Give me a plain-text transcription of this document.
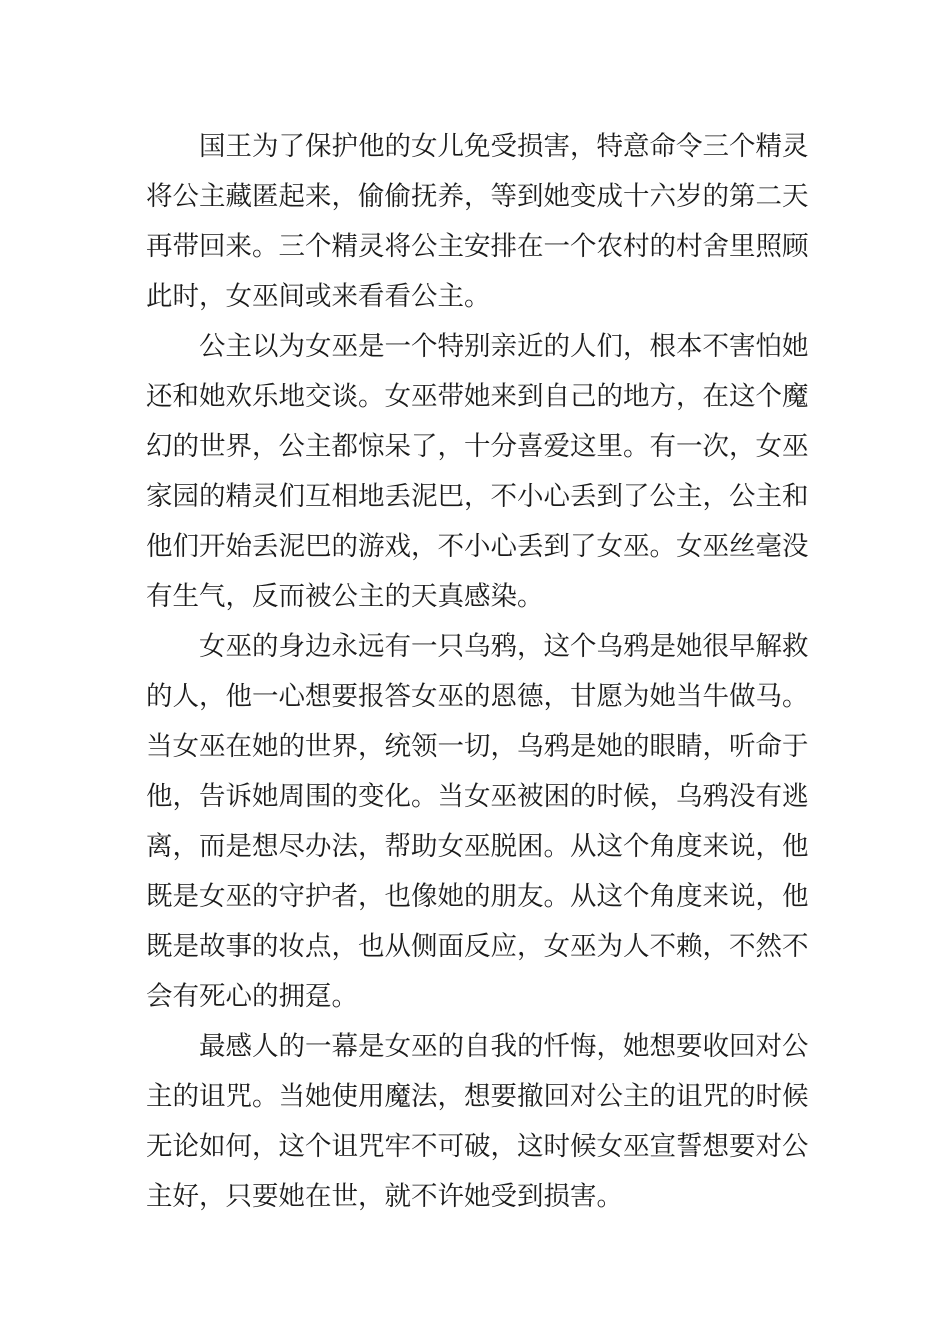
国王为了保护他的女儿免受损害，特意命令三个精灵
将公主藏匿起来，偷偷抚养，等到她变成十六岁的第二天
再带回来。三个精灵将公主安排在一个农村的村舍里照顾
此时，女巫间或来看看公主。
公主以为女巫是一个特别亲近的人们，根本不害怕她
还和她欢乐地交谈。女巫带她来到自己的地方，在这个魔
幻的世界，公主都惊呆了，十分喜爱这里。有一次，女巫
家园的精灵们互相地丢泥巴，不小心丢到了公主，公主和
他们开始丢泥巴的游戏，不小心丢到了女巫。女巫丝毫没
有生气，反而被公主的天真感染。
女巫的身边永远有一只乌鸦，这个乌鸦是她很早解救
的人，他一心想要报答女巫的恩德，甘愿为她当牛做马。
当女巫在她的世界，统领一切，乌鸦是她的眼睛，听命于
他，告诉她周围的变化。当女巫被困的时候，乌鸦没有逃
离，而是想尽办法，帮助女巫脱困。从这个角度来说，他
既是女巫的守护者，也像她的朋友。从这个角度来说，他
既是故事的妆点，也从侧面反应，女巫为人不赖，不然不
会有死心的拥趸。
最感人的一幕是女巫的自我的忏悔，她想要收回对公
主的诅咒。当她使用魔法，想要撤回对公主的诅咒的时候
无论如何，这个诅咒牢不可破，这时候女巫宣誓想要对公
主好，只要她在世，就不许她受到损害。
